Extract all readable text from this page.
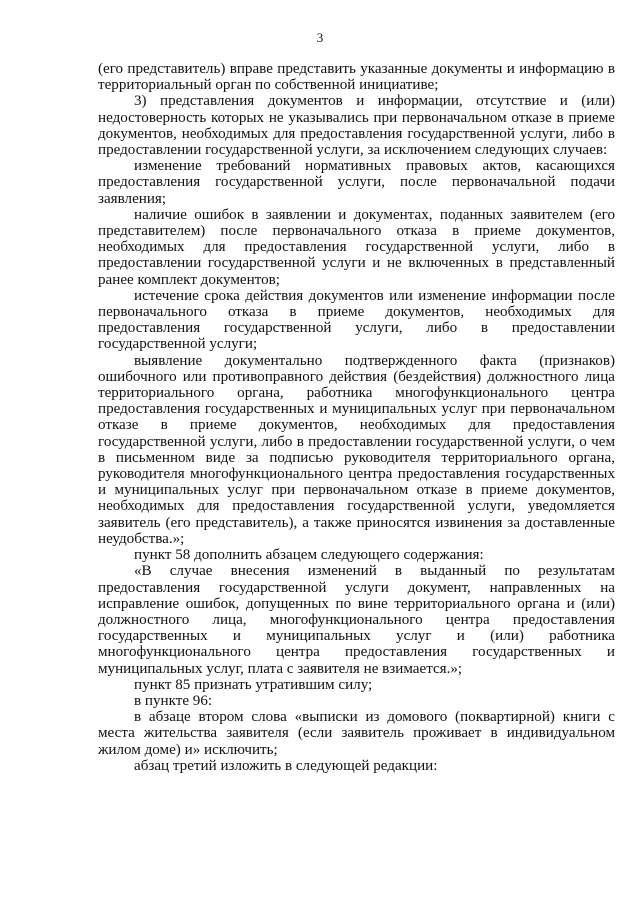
3

(его представитель) вправе представить указанные документы и информацию в территориальный орган по собственной инициативе;

3) представления документов и информации, отсутствие и (или) недостоверность которых не указывались при первоначальном отказе в приеме документов, необходимых для предоставления государственной услуги, либо в предоставлении государственной услуги, за исключением следующих случаев:

изменение требований нормативных правовых актов, касающихся предоставления государственной услуги, после первоначальной подачи заявления;

наличие ошибок в заявлении и документах, поданных заявителем (его представителем) после первоначального отказа в приеме документов, необходимых для предоставления государственной услуги, либо в предоставлении государственной услуги и не включенных в представленный ранее комплект документов;

истечение срока действия документов или изменение информации после первоначального отказа в приеме документов, необходимых для предоставления государственной услуги, либо в предоставлении государственной услуги;

выявление документально подтвержденного факта (признаков) ошибочного или противоправного действия (бездействия) должностного лица территориального органа, работника многофункционального центра предоставления государственных и муниципальных услуг при первоначальном отказе в приеме документов, необходимых для предоставления государственной услуги, либо в предоставлении государственной услуги, о чем в письменном виде за подписью руководителя территориального органа, руководителя многофункционального центра предоставления государственных и муниципальных услуг при первоначальном отказе в приеме документов, необходимых для предоставления государственной услуги, уведомляется заявитель (его представитель), а также приносятся извинения за доставленные неудобства.»;

пункт 58 дополнить абзацем следующего содержания:

«В случае внесения изменений в выданный по результатам предоставления государственной услуги документ, направленных на исправление ошибок, допущенных по вине территориального органа и (или) должностного лица, многофункционального центра предоставления государственных и муниципальных услуг и (или) работника многофункционального центра предоставления государственных и муниципальных услуг, плата с заявителя не взимается.»;

пункт 85 признать утратившим силу;

в пункте 96:

в абзаце втором слова «выписки из домового (поквартирной) книги с места жительства заявителя (если заявитель проживает в индивидуальном жилом доме) и» исключить;

абзац третий изложить в следующей редакции:
